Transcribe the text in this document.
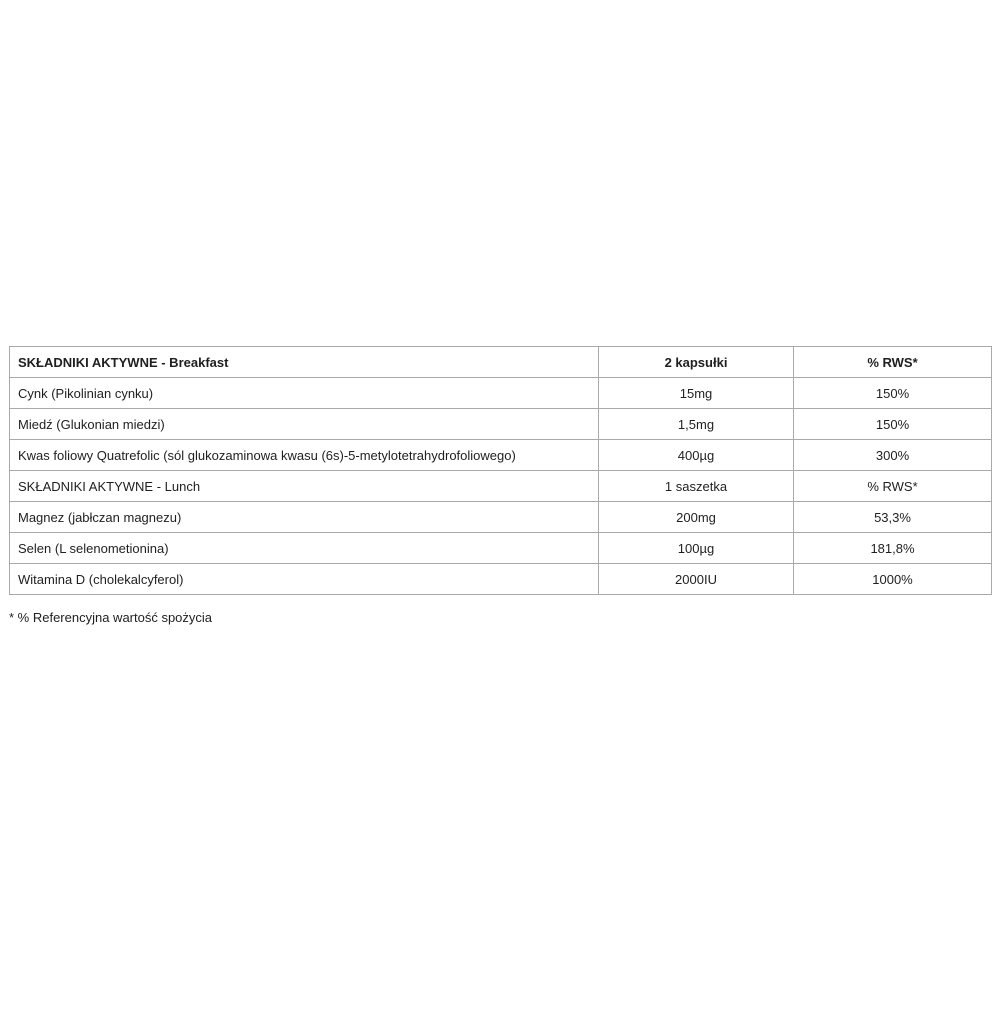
SKŁADNIKI AKTYWNE - Breakfast	2 kapsułki	% RWS*
Cynk (Pikolinian cynku)	15mg	150%
Miedź (Glukonian miedzi)	1,5mg	150%
Kwas foliowy Quatrefolic (sól glukozaminowa kwasu (6s)-5-metylotetrahydrofoliowego)	400µg	300%
SKŁADNIKI AKTYWNE - Lunch	1 saszetka	% RWS*
Magnez (jabłczan magnezu)	200mg	53,3%
Selen (L selenometionina)	100µg	181,8%
Witamina D (cholekalcyferol)	2000IU	1000%
* % Referencyjna wartość spożycia
